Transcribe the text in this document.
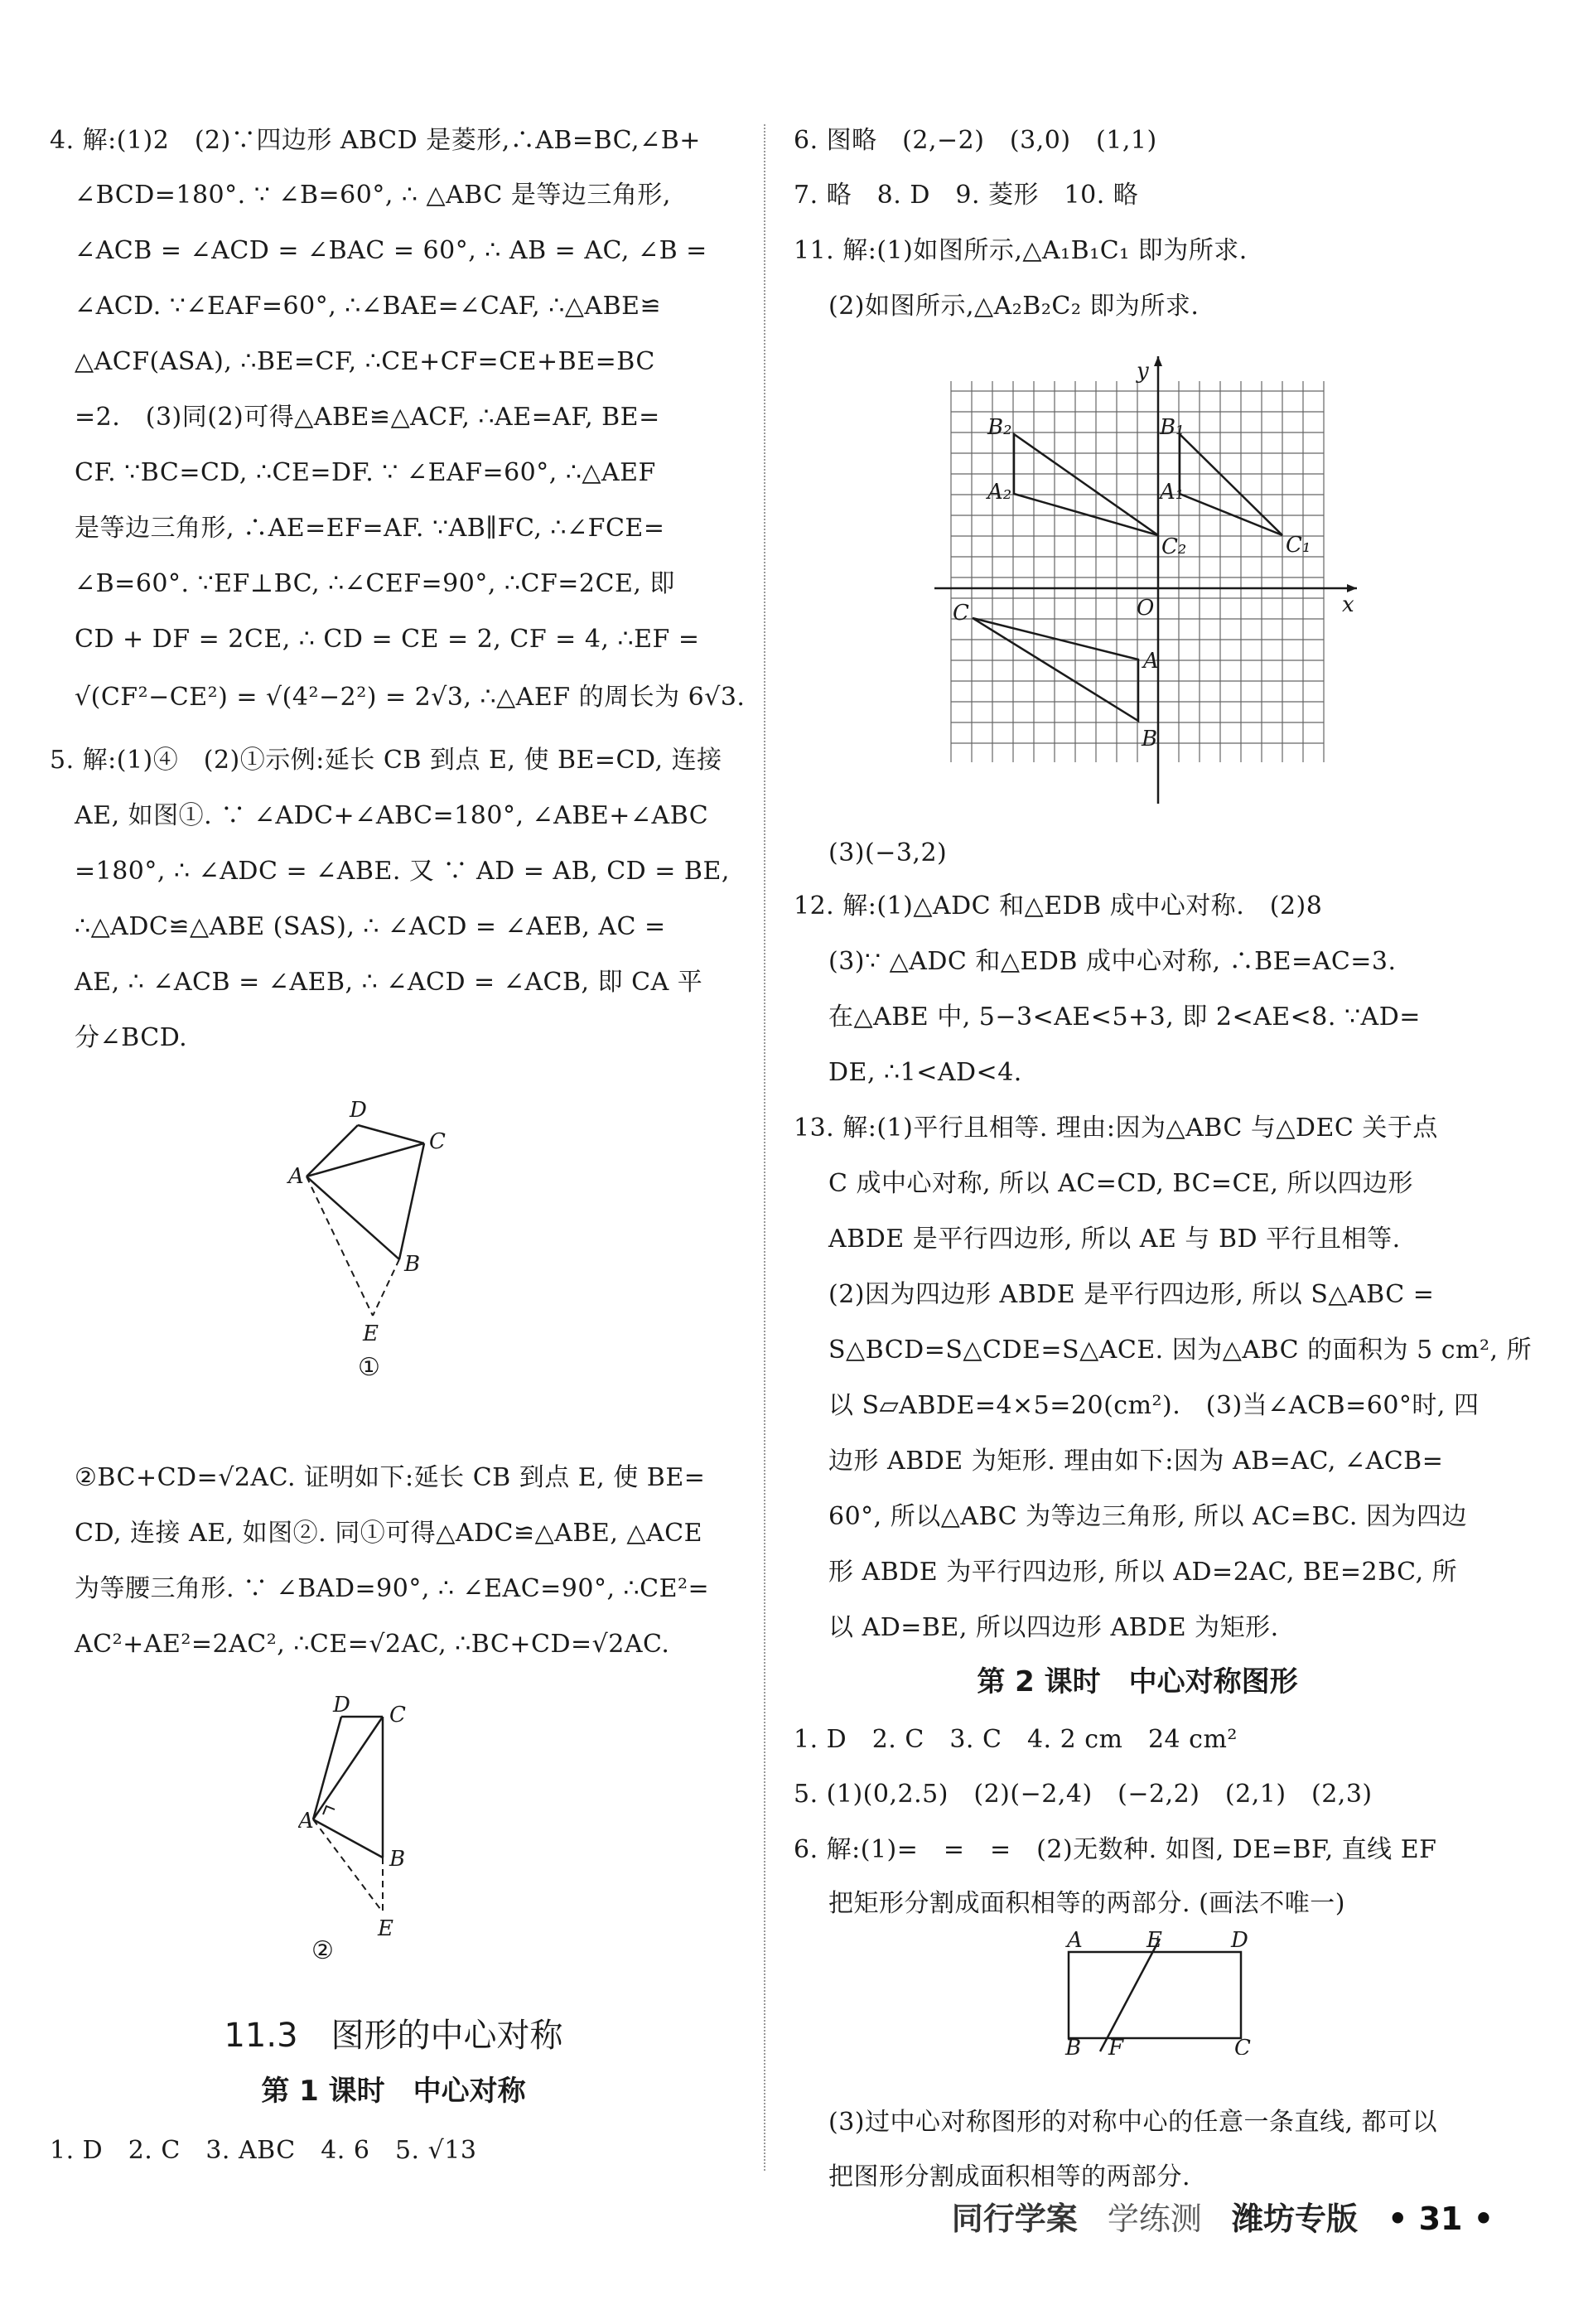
4. 解:(1)2　(2)∵四边形 ABCD 是菱形,∴AB=BC,∠B+
∠BCD=180°. ∵ ∠B=60°, ∴ △ABC 是等边三角形,
∠ACB = ∠ACD = ∠BAC = 60°, ∴ AB = AC, ∠B =
∠ACD. ∵∠EAF=60°, ∴∠BAE=∠CAF, ∴△ABE≌
△ACF(ASA), ∴BE=CF, ∴CE+CF=CE+BE=BC
=2.　(3)同(2)可得△ABE≌△ACF, ∴AE=AF, BE=
CF. ∵BC=CD, ∴CE=DF. ∵ ∠EAF=60°, ∴△AEF
是等边三角形, ∴AE=EF=AF. ∵AB∥FC, ∴∠FCE=
∠B=60°. ∵EF⊥BC, ∴∠CEF=90°, ∴CF=2CE, 即
CD + DF = 2CE, ∴ CD = CE = 2, CF = 4, ∴EF =
√(CF²−CE²) = √(4²−2²) = 2√3, ∴△AEF 的周长为 6√3.
5. 解:(1)④　(2)①示例:延长 CB 到点 E, 使 BE=CD, 连接
AE, 如图①. ∵ ∠ADC+∠ABC=180°, ∠ABE+∠ABC
=180°, ∴ ∠ADC = ∠ABE. 又 ∵ AD = AB, CD = BE,
∴△ADC≌△ABE (SAS), ∴ ∠ACD = ∠AEB, AC =
AE, ∴ ∠ACB = ∠AEB, ∴ ∠ACD = ∠ACB, 即 CA 平
分∠BCD.
D
C
A
B
E
①
②BC+CD=√2AC. 证明如下:延长 CB 到点 E, 使 BE=
CD, 连接 AE, 如图②. 同①可得△ADC≌△ABE, △ACE
为等腰三角形. ∵ ∠BAD=90°, ∴ ∠EAC=90°, ∴CE²=
AC²+AE²=2AC², ∴CE=√2AC, ∴BC+CD=√2AC.
D C
A
B
E
②
11.3　图形的中心对称
第 1 课时　中心对称
1. D　2. C　3. ABC　4. 6　5. √13
6. 图略　(2,−2)　(3,0)　(1,1)
7. 略　8. D　9. 菱形　10. 略
11. 解:(1)如图所示,△A₁B₁C₁ 即为所求.
(2)如图所示,△A₂B₂C₂ 即为所求.
y
x
O
B₂	B₁
A₂	A₁
C₂	C₁
C
A
B
(3)(−3,2)
12. 解:(1)△ADC 和△EDB 成中心对称.　(2)8
(3)∵ △ADC 和△EDB 成中心对称, ∴BE=AC=3.
在△ABE 中, 5−3<AE<5+3, 即 2<AE<8. ∵AD=
DE, ∴1<AD<4.
13. 解:(1)平行且相等. 理由:因为△ABC 与△DEC 关于点
C 成中心对称, 所以 AC=CD, BC=CE, 所以四边形
ABDE 是平行四边形, 所以 AE 与 BD 平行且相等.
(2)因为四边形 ABDE 是平行四边形, 所以 S△ABC =
S△BCD=S△CDE=S△ACE. 因为△ABC 的面积为 5 cm², 所
以 S▱ABDE=4×5=20(cm²).　(3)当∠ACB=60°时, 四
边形 ABDE 为矩形. 理由如下:因为 AB=AC, ∠ACB=
60°, 所以△ABC 为等边三角形, 所以 AC=BC. 因为四边
形 ABDE 为平行四边形, 所以 AD=2AC, BE=2BC, 所
以 AD=BE, 所以四边形 ABDE 为矩形.
第 2 课时　中心对称图形
1. D　2. C　3. C　4. 2 cm　24 cm²
5. (1)(0,2.5)　(2)(−2,4)　(−2,2)　(2,1)　(2,3)
6. 解:(1)=　=　=　(2)无数种. 如图, DE=BF, 直线 EF
把矩形分割成面积相等的两部分. (画法不唯一)
A	E	D
B F	C
(3)过中心对称图形的对称中心的任意一条直线, 都可以
把图形分割成面积相等的两部分.
同行学案 学练测 潍坊专版 • 31 •
